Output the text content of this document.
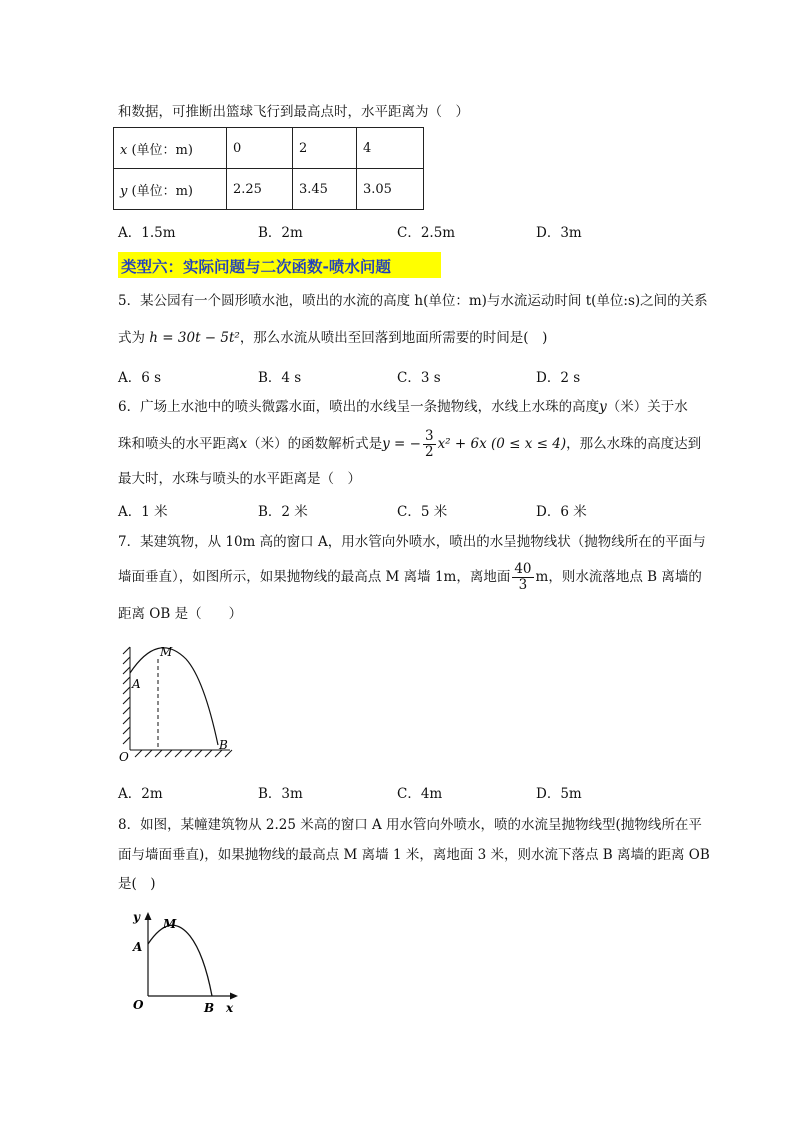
和数据，可推断出篮球飞行到最高点时，水平距离为（　）
x (单位：m)	0	2	4
y (单位：m)	2.25	3.45	3.05
A．1.5m	B．2m	C．2.5m	D．3m
类型六：实际问题与二次函数-喷水问题
5．某公园有一个圆形喷水池，喷出的水流的高度 h(单位：m)与水流运动时间 t(单位:s)之间的关系
式为 h = 30t − 5t²，那么水流从喷出至回落到地面所需要的时间是(　)
A．6 s	B．4 s	C．3 s	D．2 s
6．广场上水池中的喷头微露水面，喷出的水线呈一条抛物线，水线上水珠的高度y（米）关于水
珠和喷头的水平距离x（米）的函数解析式是y = − $\frac{3}{2} x^2 + 6x$ (0 ≤ x ≤ 4)，那么水珠的高度达到
最大时，水珠与喷头的水平距离是（　）
A．1 米	B．2 米	C．5 米	D．6 米
7．某建筑物，从 10m 高的窗口 A，用水管向外喷水，喷出的水呈抛物线状（抛物线所在的平面与
墙面垂直），如图所示，如果抛物线的最高点 M 离墙 1m，离地面 $\frac{40}{3}$ m，则水流落地点 B 离墙的
距离 OB 是（　　）
M
A
O
B
A．2m	B．3m	C．4m	D．5m
8．如图，某幢建筑物从 2.25 米高的窗口 A 用水管向外喷水，喷的水流呈抛物线型(抛物线所在平
面与墙面垂直)，如果抛物线的最高点 M 离墙 1 米，离地面 3 米，则水流下落点 B 离墙的距离 OB
是(　)
y M
A
O	B x
